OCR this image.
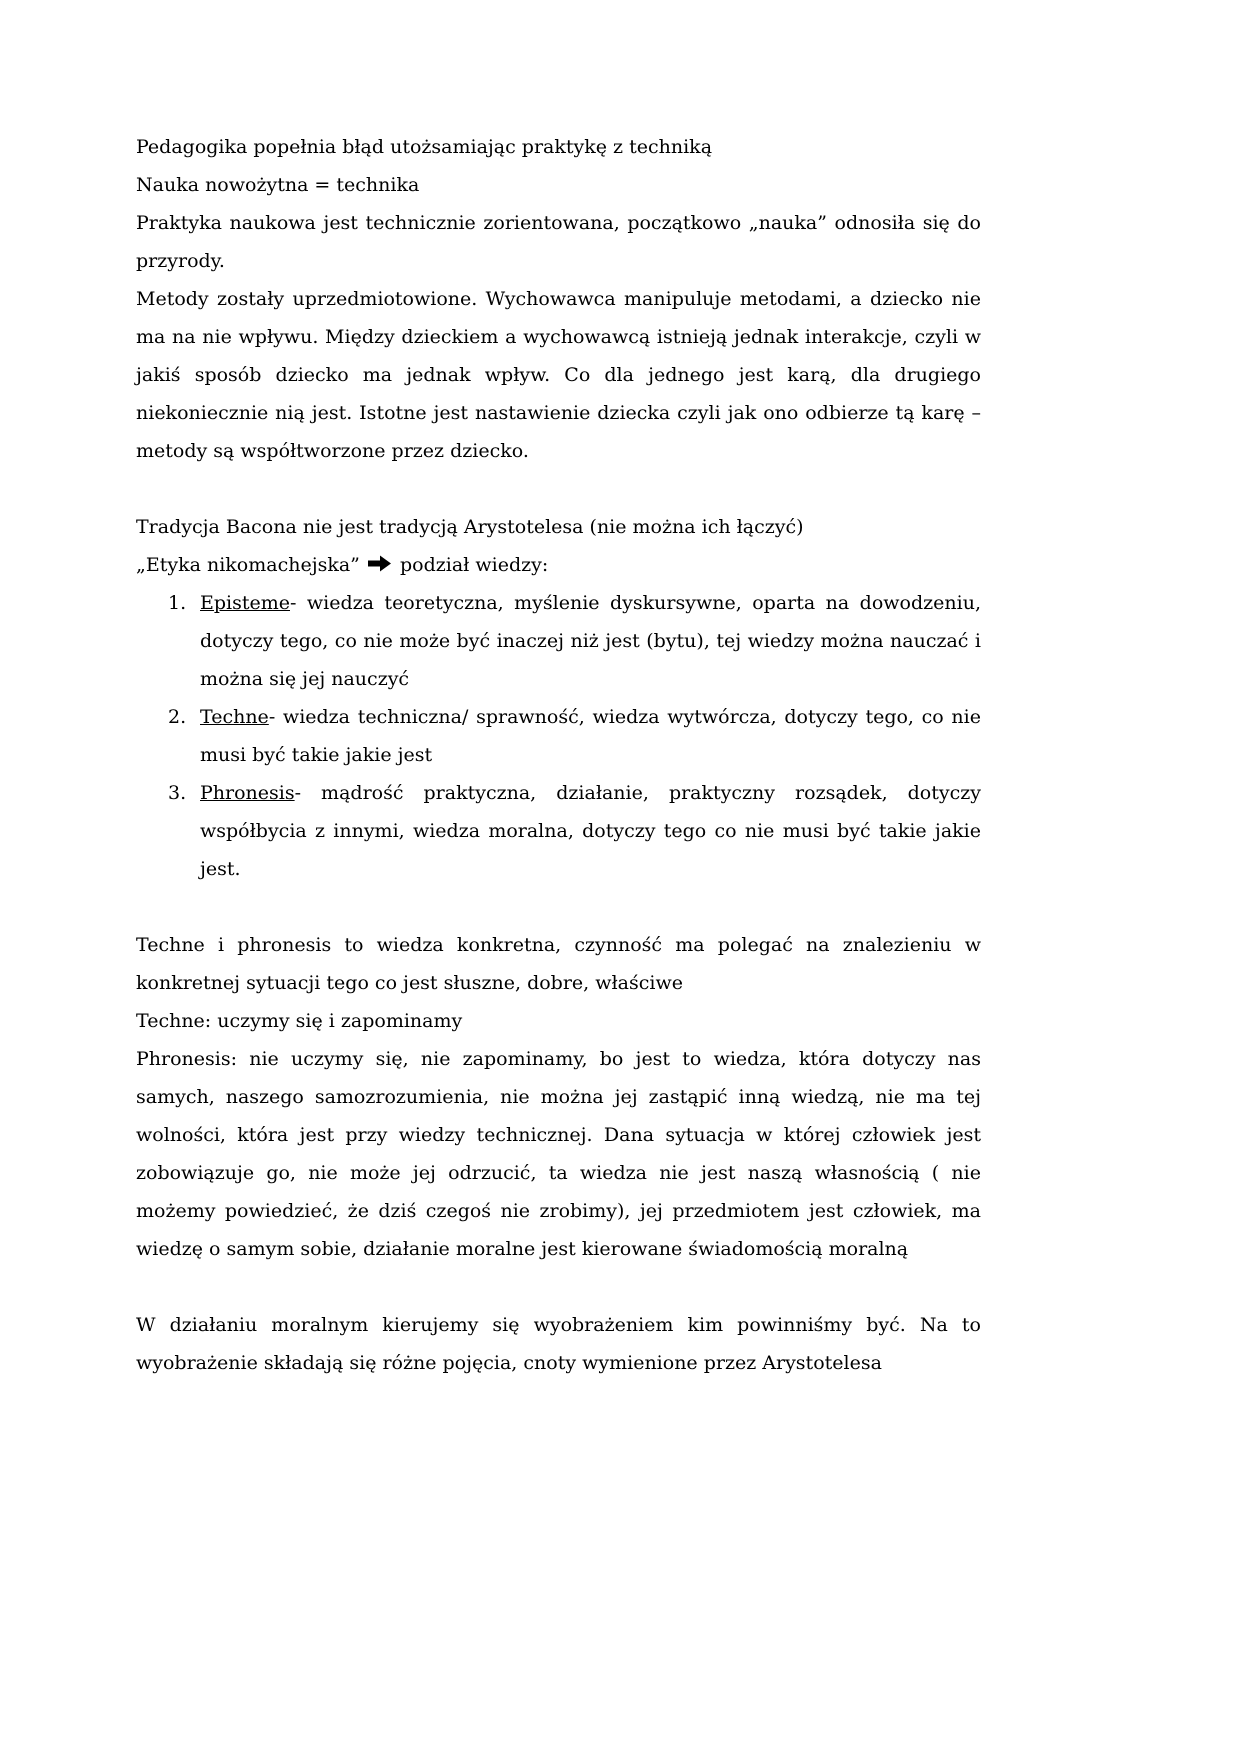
Pedagogika popełnia błąd utożsamiając praktykę z techniką

Nauka nowożytna = technika

Praktyka naukowa jest technicznie zorientowana, początkowo „nauka” odnosiła się do przyrody.

Metody zostały uprzedmiotowione. Wychowawca manipuluje metodami, a dziecko nie ma na nie wpływu. Między dzieckiem a wychowawcą istnieją jednak interakcje, czyli w jakiś sposób dziecko ma jednak wpływ. Co dla jednego jest karą, dla drugiego niekoniecznie nią jest. Istotne jest nastawienie dziecka czyli jak ono odbierze tą karę – metody są współtworzone przez dziecko.

Tradycja Bacona nie jest tradycją Arystotelesa (nie można ich łączyć)

„Etyka nikomachejska” podział wiedzy:

1. Episteme- wiedza teoretyczna, myślenie dyskursywne, oparta na dowodzeniu, dotyczy tego, co nie może być inaczej niż jest (bytu), tej wiedzy można nauczać i można się jej nauczyć
2. Techne- wiedza techniczna/ sprawność, wiedza wytwórcza, dotyczy tego, co nie musi być takie jakie jest
3. Phronesis- mądrość praktyczna, działanie, praktyczny rozsądek, dotyczy współbycia z innymi, wiedza moralna, dotyczy tego co nie musi być takie jakie jest.

Techne i phronesis to wiedza konkretna, czynność ma polegać na znalezieniu w konkretnej sytuacji tego co jest słuszne, dobre, właściwe

Techne: uczymy się i zapominamy

Phronesis: nie uczymy się, nie zapominamy, bo jest to wiedza, która dotyczy nas samych, naszego samozrozumienia, nie można jej zastąpić inną wiedzą, nie ma tej wolności, która jest przy wiedzy technicznej. Dana sytuacja w której człowiek jest zobowiązuje go, nie może jej odrzucić, ta wiedza nie jest naszą własnością ( nie możemy powiedzieć, że dziś czegoś nie zrobimy), jej przedmiotem jest człowiek, ma wiedzę o samym sobie, działanie moralne jest kierowane świadomością moralną

W działaniu moralnym kierujemy się wyobrażeniem kim powinniśmy być. Na to wyobrażenie składają się różne pojęcia, cnoty wymienione przez Arystotelesa
